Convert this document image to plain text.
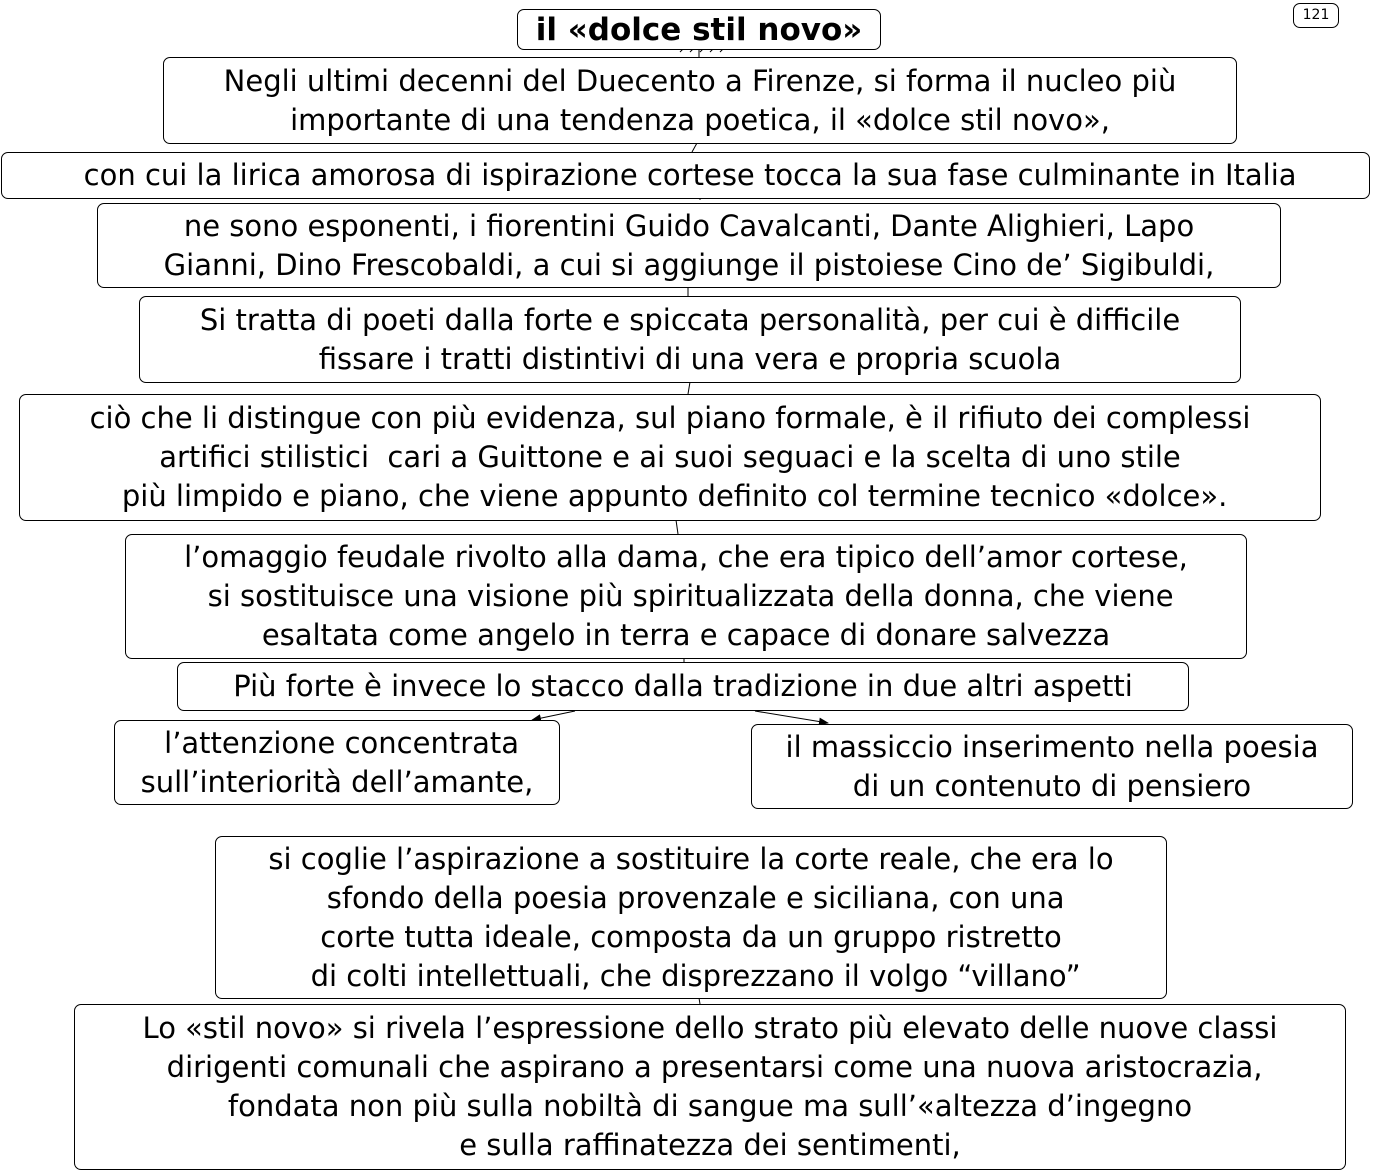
121
il «dolce stil novo»
Negli ultimi decenni del Duecento a Firenze, si forma il nucleo più
importante di una tendenza poetica, il «dolce stil novo»,
con cui la lirica amorosa di ispirazione cortese tocca la sua fase culminante in Italia
ne sono esponenti, i fiorentini Guido Cavalcanti, Dante Alighieri, Lapo
Gianni, Dino Frescobaldi, a cui si aggiunge il pistoiese Cino de’ Sigibuldi,
Si tratta di poeti dalla forte e spiccata personalità, per cui è difficile
fissare i tratti distintivi di una vera e propria scuola
ciò che li distingue con più evidenza, sul piano formale, è il rifiuto dei complessi
artifici stilistici  cari a Guittone e ai suoi seguaci e la scelta di uno stile
più limpido e piano, che viene appunto definito col termine tecnico «dolce».
l’omaggio feudale rivolto alla dama, che era tipico dell’amor cortese,
si sostituisce una visione più spiritualizzata della donna, che viene
esaltata come angelo in terra e capace di donare salvezza
Più forte è invece lo stacco dalla tradizione in due altri aspetti
l’attenzione concentrata
sull’interiorità dell’amante,
il massiccio inserimento nella poesia
di un contenuto di pensiero
si coglie l’aspirazione a sostituire la corte reale, che era lo
sfondo della poesia provenzale e siciliana, con una
corte tutta ideale, composta da un gruppo ristretto
di colti intellettuali, che disprezzano il volgo “villano”
Lo «stil novo» si rivela l’espressione dello strato più elevato delle nuove classi
dirigenti comunali che aspirano a presentarsi come una nuova aristocrazia,
fondata non più sulla nobiltà di sangue ma sull’«altezza d’ingegno
e sulla raffinatezza dei sentimenti,
